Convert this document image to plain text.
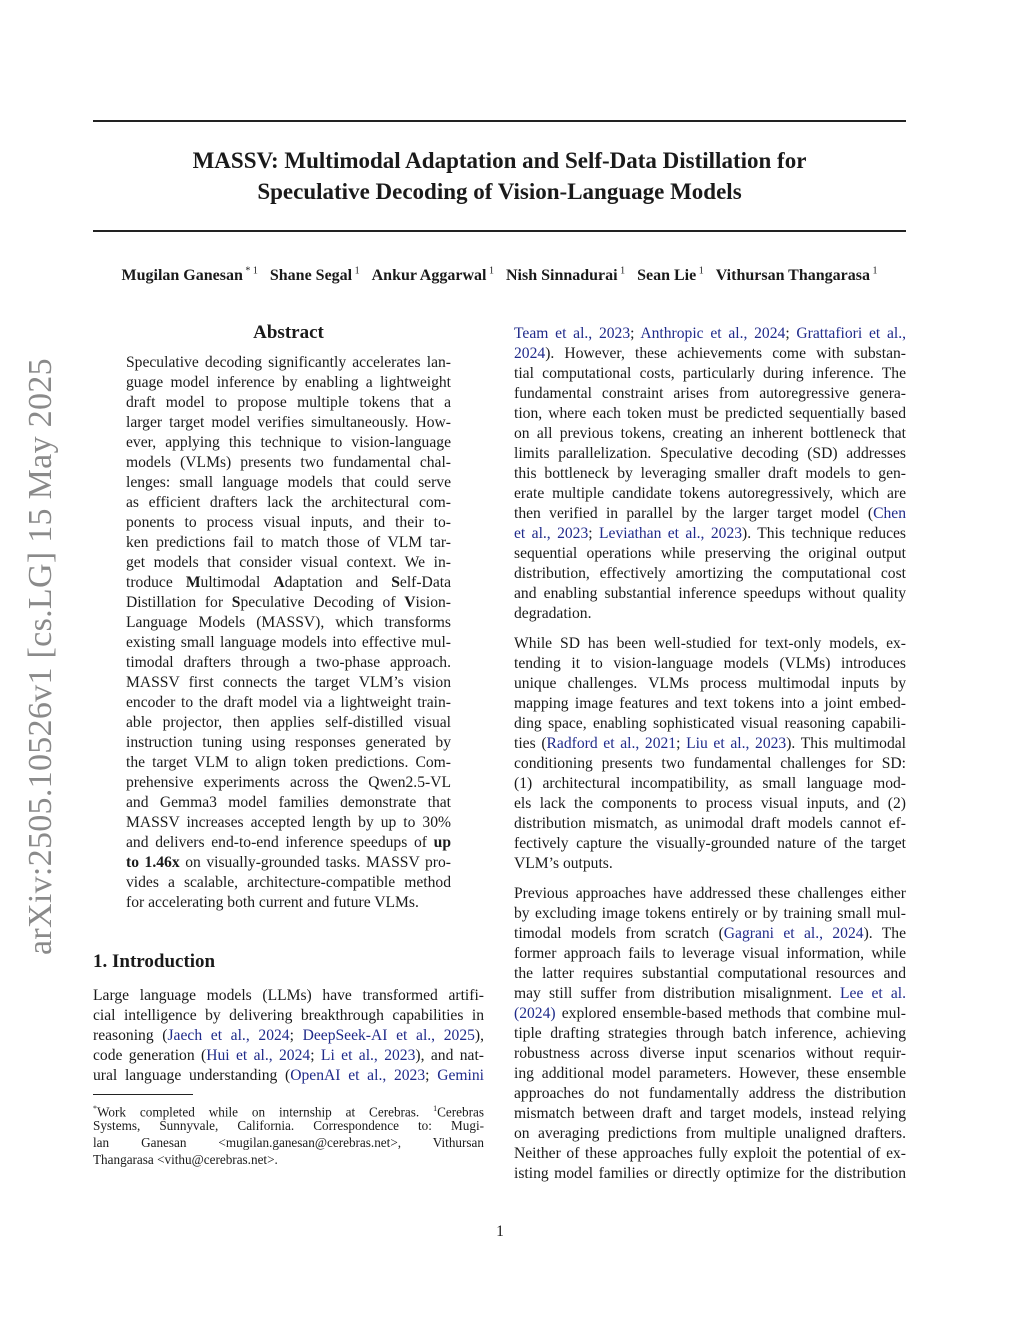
MASSV: Multimodal Adaptation and Self-Data Distillation for
Speculative Decoding of Vision-Language Models
Mugilan Ganesan $^{* 1}$ Shane Segal $^1$ Ankur Aggarwal $^1$ Nish Sinnadurai $^1$ Sean Lie $^1$ Vithursan Thangarasa $^1$
arXiv:2505.10526v1 [cs.LG] 15 May 2025
Abstract
Speculative decoding significantly accelerates lan-
guage model inference by enabling a lightweight
draft model to propose multiple tokens that a
larger target model verifies simultaneously. How-
ever, applying this technique to vision-language
models (VLMs) presents two fundamental chal-
lenges: small language models that could serve
as efficient drafters lack the architectural com-
ponents to process visual inputs, and their to-
ken predictions fail to match those of VLM tar-
get models that consider visual context. We in-
troduce Multimodal Adaptation and Self-Data
Distillation for Speculative Decoding of Vision-
Language Models (MASSV), which transforms
existing small language models into effective mul-
timodal drafters through a two-phase approach.
MASSV first connects the target VLM’s vision
encoder to the draft model via a lightweight train-
able projector, then applies self-distilled visual
instruction tuning using responses generated by
the target VLM to align token predictions. Com-
prehensive experiments across the Qwen2.5-VL
and Gemma3 model families demonstrate that
MASSV increases accepted length by up to 30%
and delivers end-to-end inference speedups of up
to 1.46x on visually-grounded tasks. MASSV pro-
vides a scalable, architecture-compatible method
for accelerating both current and future VLMs.
1. Introduction
Large language models (LLMs) have transformed artifi-
cial intelligence by delivering breakthrough capabilities in
reasoning (Jaech et al., 2024; DeepSeek-AI et al., 2025),
code generation (Hui et al., 2024; Li et al., 2023), and nat-
ural language understanding (OpenAI et al., 2023; Gemini
Team et al., 2023; Anthropic et al., 2024; Grattafiori et al.,
2024). However, these achievements come with substan-
tial computational costs, particularly during inference. The
fundamental constraint arises from autoregressive genera-
tion, where each token must be predicted sequentially based
on all previous tokens, creating an inherent bottleneck that
limits parallelization. Speculative decoding (SD) addresses
this bottleneck by leveraging smaller draft models to gen-
erate multiple candidate tokens autoregressively, which are
then verified in parallel by the larger target model (Chen
et al., 2023; Leviathan et al., 2023). This technique reduces
sequential operations while preserving the original output
distribution, effectively amortizing the computational cost
and enabling substantial inference speedups without quality
degradation.
While SD has been well-studied for text-only models, ex-
tending it to vision-language models (VLMs) introduces
unique challenges. VLMs process multimodal inputs by
mapping image features and text tokens into a joint embed-
ding space, enabling sophisticated visual reasoning capabili-
ties (Radford et al., 2021; Liu et al., 2023). This multimodal
conditioning presents two fundamental challenges for SD:
(1) architectural incompatibility, as small language mod-
els lack the components to process visual inputs, and (2)
distribution mismatch, as unimodal draft models cannot ef-
fectively capture the visually-grounded nature of the target
VLM’s outputs.
Previous approaches have addressed these challenges either
by excluding image tokens entirely or by training small mul-
timodal models from scratch (Gagrani et al., 2024). The
former approach fails to leverage visual information, while
the latter requires substantial computational resources and
may still suffer from distribution misalignment. Lee et al.
(2024) explored ensemble-based methods that combine mul-
tiple drafting strategies through batch inference, achieving
robustness across diverse input scenarios without requir-
ing additional model parameters. However, these ensemble
approaches do not fundamentally address the distribution
mismatch between draft and target models, instead relying
on averaging predictions from multiple unaligned drafters.
Neither of these approaches fully exploit the potential of ex-
isting model families or directly optimize for the distribution
*Work completed while on internship at Cerebras. $^1$Cerebras
Systems, Sunnyvale, California. Correspondence to: Mugi-
lan Ganesan <mugilan.ganesan@cerebras.net>, Vithursan
Thangarasa <vithu@cerebras.net>.
1
